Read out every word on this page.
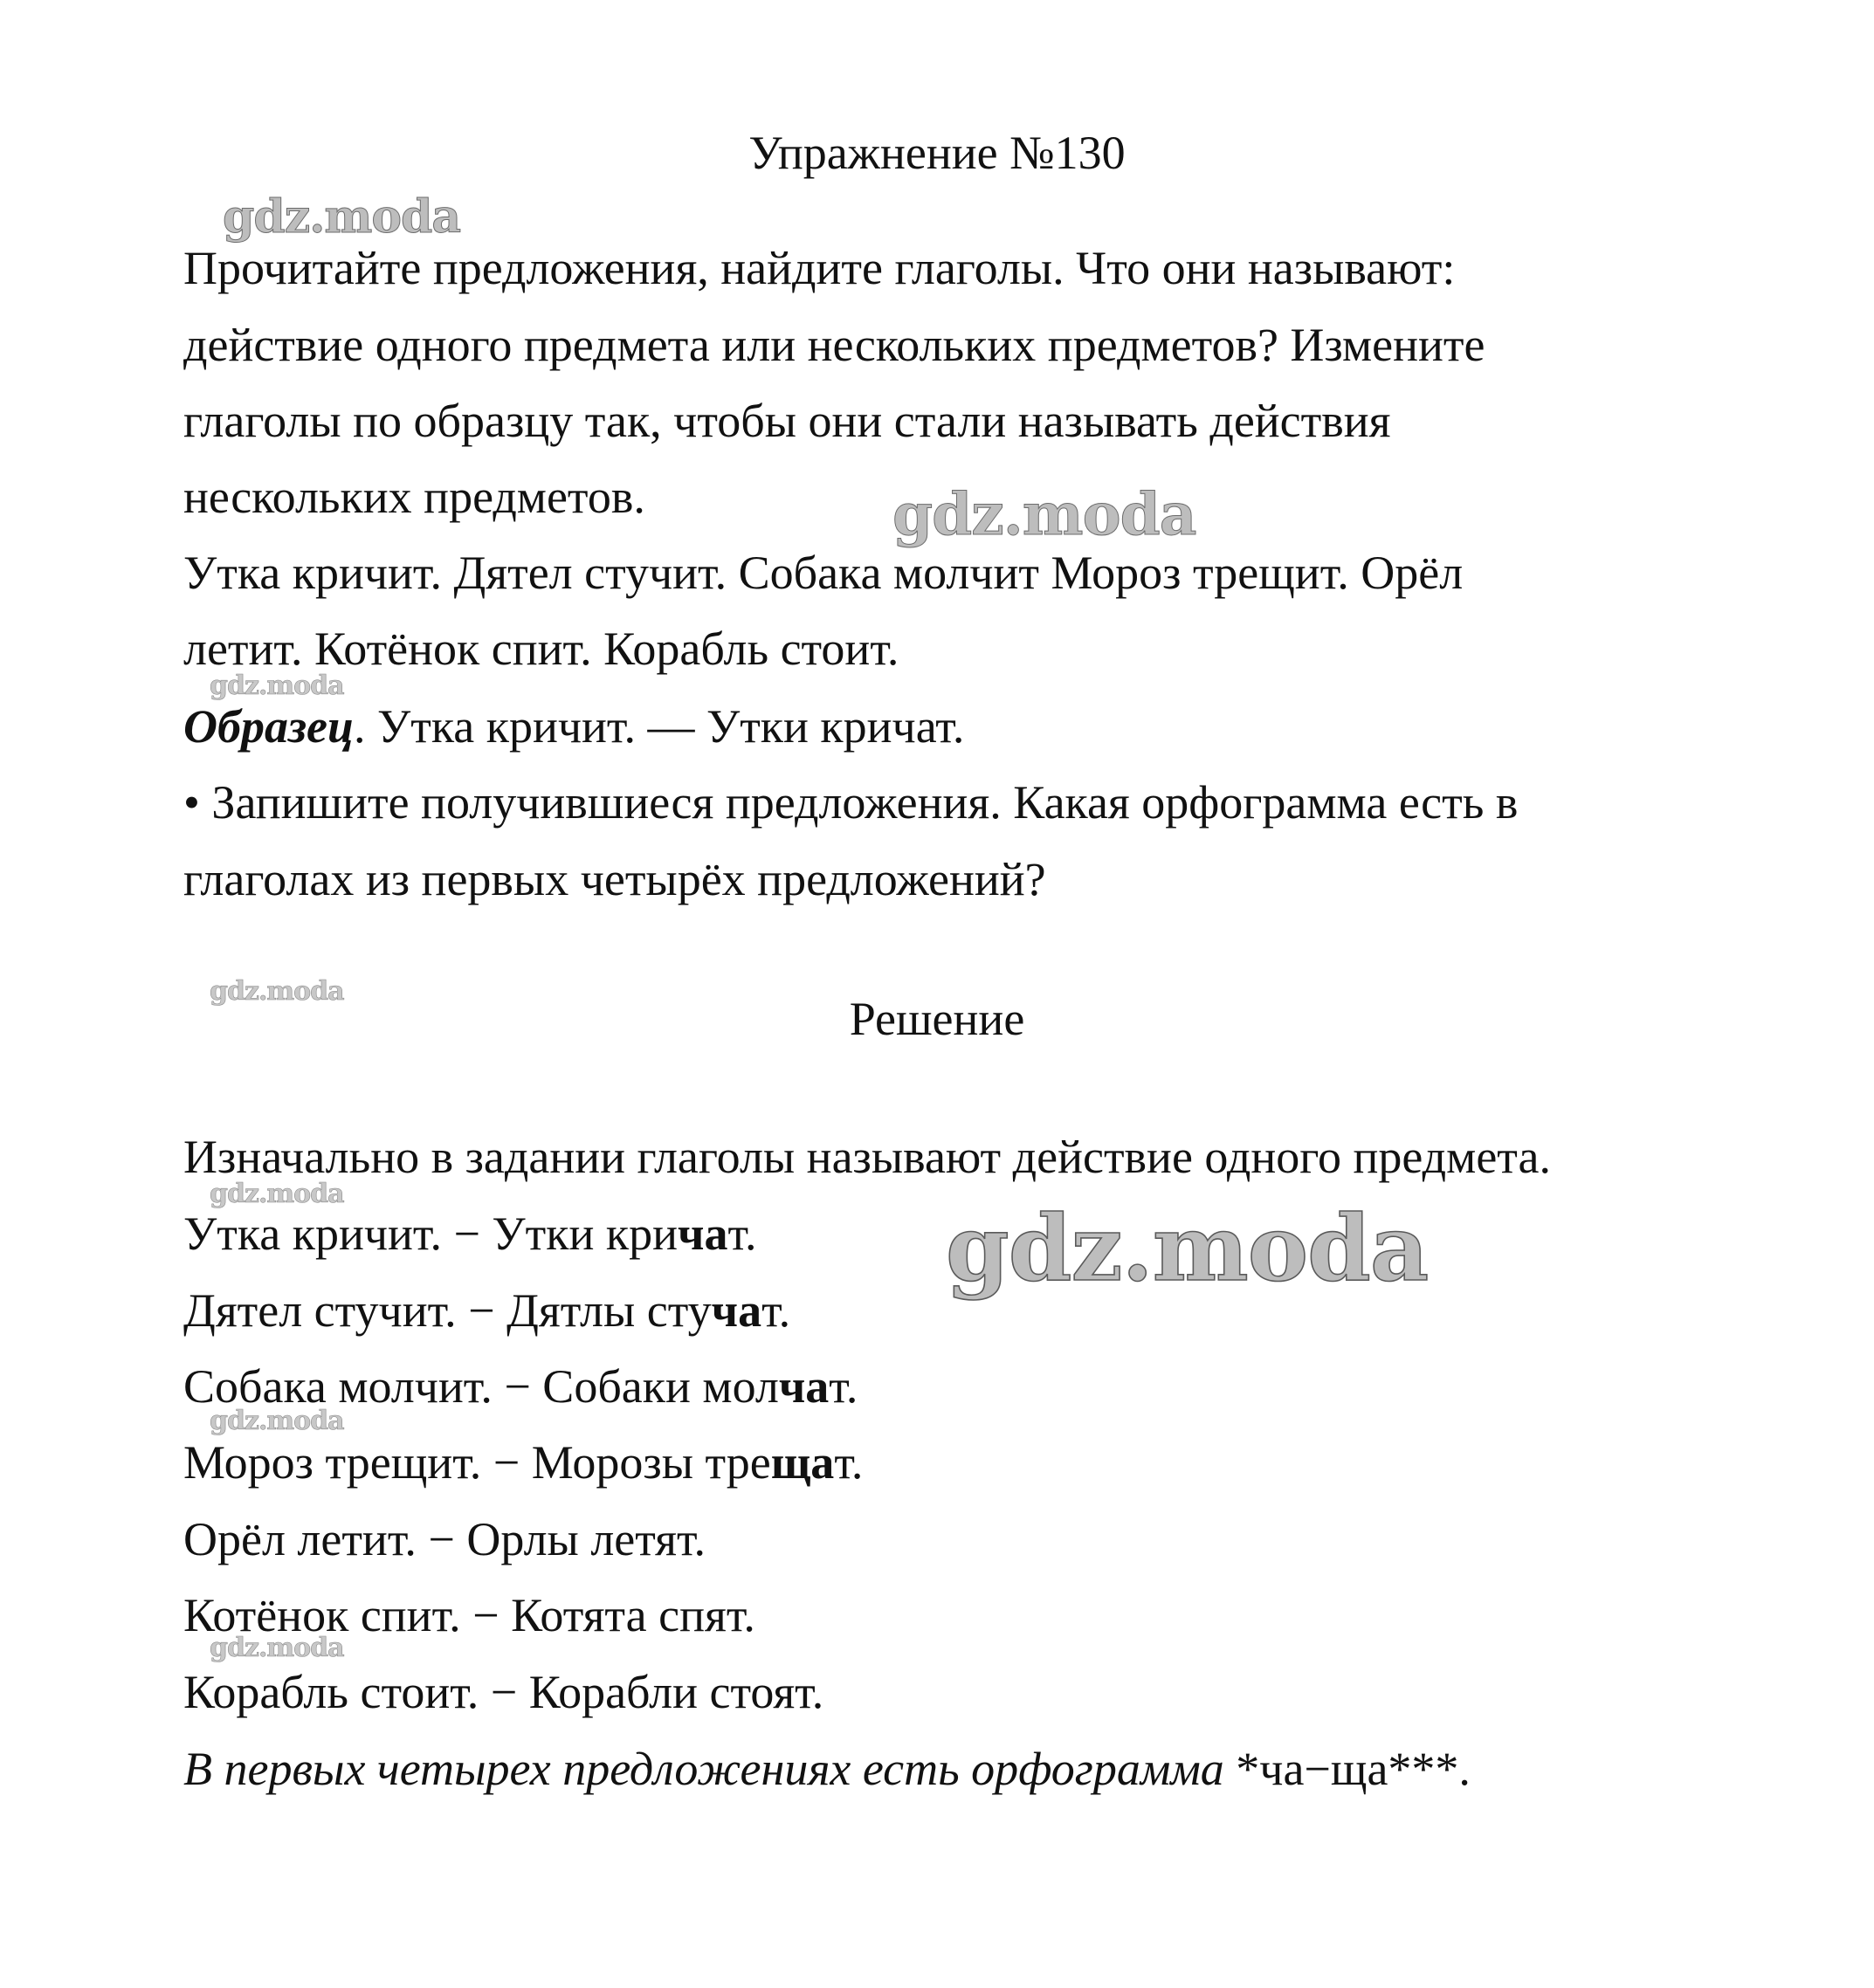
Упражнение №130
gdz.moda
gdz.moda
gdz.moda
gdz.moda
gdz.moda
gdz.moda
gdz.moda
gdz.moda
Прочитайте предложения, найдите глаголы. Что они называют:
действие одного предмета или нескольких предметов? Измените
глаголы по образцу так, чтобы они стали называть действия
нескольких предметов.
Утка кричит. Дятел стучит. Собака молчит Мороз трещит. Орёл
летит. Котёнок спит. Корабль стоит.
Образец. Утка кричит. — Утки кричат.
• Запишите получившиеся предложения. Какая орфограмма есть в
глаголах из первых четырёх предложений?
Решение
Изначально в задании глаголы называют действие одного предмета.
Утка кричит. − Утки кричат.
Дятел стучит. − Дятлы стучат.
Собака молчит. − Собаки молчат.
Мороз трещит. − Морозы трещат.
Орёл летит. − Орлы летят.
Котёнок спит. − Котята спят.
Корабль стоит. − Корабли стоят.
В первых четырех предложениях есть орфограмма *ча−ща***.
